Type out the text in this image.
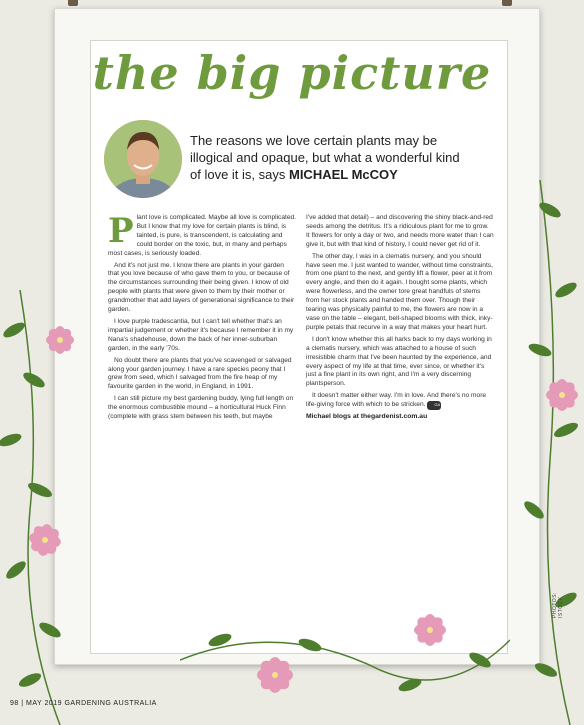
the big picture
The reasons we love certain plants may be illogical and opaque, but what a wonderful kind of love it is, says MICHAEL McCOY

Plant love is complicated. Maybe all love is complicated. But I know that my love for certain plants is blind, is tainted, is pure, is transcendent, is calculating and could border on the toxic, but, in many and perhaps most cases, is seriously loaded.

And it's not just me. I know there are plants in your garden that you love because of who gave them to you, or because of the circumstances surrounding their being given. I know of old people with plants that were given to them by their mother or grandmother that add layers of generational significance to their garden.

I love purple tradescantia, but I can't tell whether that's an impartial judgement or whether it's because I remember it in my Nana's shadehouse, down the back of her inner-suburban garden, in the early '70s.

No doubt there are plants that you've scavenged or salvaged along your garden journey. I have a rare species peony that I grew from seed, which I salvaged from the fire heap of my favourite garden in the world, in England, in 1991.

I can still picture my best gardening buddy, lying full length on the enormous combustible mound – a horticultural Huck Finn (complete with grass stem between his teeth, but maybe

I've added that detail) – and discovering the shiny black-and-red seeds among the detritus. It's a ridiculous plant for me to grow. It flowers for only a day or two, and needs more water than I can give it, but with that kind of history, I could never get rid of it.

The other day, I was in a clematis nursery, and you should have seen me. I just wanted to wander, without time constraints, from one plant to the next, and gently lift a flower, peer at it from every angle, and then do it again. I bought some plants, which were flowerless, and the owner tore great handfuls of stems from her stock plants and handed them over. Though their tearing was physically painful to me, the flowers are now in a vase on the table – elegant, bell-shaped blooms with thick, inky-purple petals that recurve in a way that makes your heart hurt.

I don't know whether this all harks back to my days working in a clematis nursery, which was attached to a house of such irresistible charm that I've been haunted by the experience, and every aspect of my life at that time, ever since, or whether it's just a fine plant in its own right, and I'm a very discerning plantsperson.

It doesn't matter either way. I'm in love. And there's no more life-giving force with which to be stricken. GA

Michael blogs at thegardenist.com.au

PHOTOS: ISTOCK
98 | MAY 2019 GARDENING AUSTRALIA
